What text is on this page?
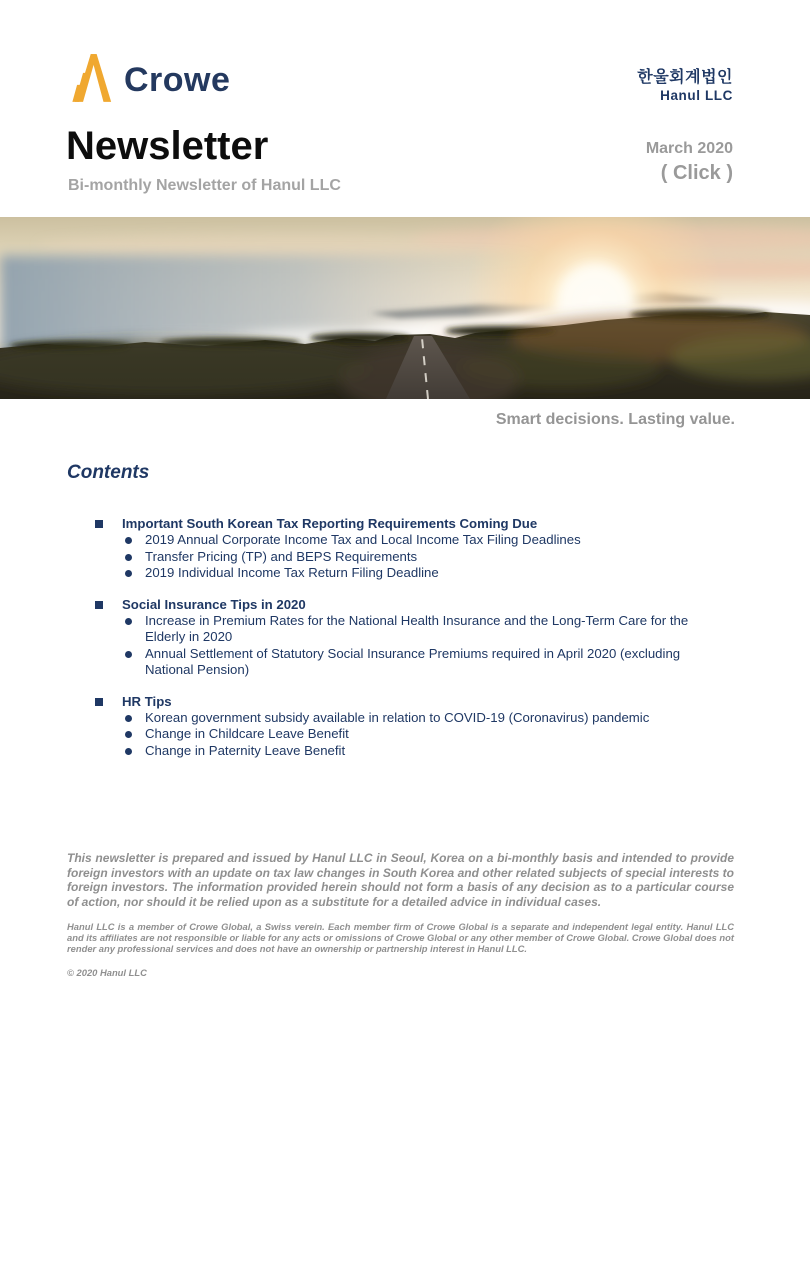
Crowe	한울회계법인
Hanul LLC
Newsletter
Bi-monthly Newsletter of Hanul LLC
March 2020
( Click )
Smart decisions. Lasting value.
Contents
Important South Korean Tax Reporting Requirements Coming Due
2019 Annual Corporate Income Tax and Local Income Tax Filing Deadlines
Transfer Pricing (TP) and BEPS Requirements
2019 Individual Income Tax Return Filing Deadline
Social Insurance Tips in 2020
Increase in Premium Rates for the National Health Insurance and the Long-Term Care for the Elderly in 2020
Annual Settlement of Statutory Social Insurance Premiums required in April 2020 (excluding National Pension)
HR Tips
Korean government subsidy available in relation to COVID-19 (Coronavirus) pandemic
Change in Childcare Leave Benefit
Change in Paternity Leave Benefit
This newsletter is prepared and issued by Hanul LLC in Seoul, Korea on a bi-monthly basis and intended to provide foreign investors with an update on tax law changes in South Korea and other related subjects of special interests to foreign investors. The information provided herein should not form a basis of any decision as to a particular course of action, nor should it be relied upon as a substitute for a detailed advice in individual cases.
Hanul LLC is a member of Crowe Global, a Swiss verein. Each member firm of Crowe Global is a separate and independent legal entity. Hanul LLC and its affiliates are not responsible or liable for any acts or omissions of Crowe Global or any other member of Crowe Global. Crowe Global does not render any professional services and does not have an ownership or partnership interest in Hanul LLC.
© 2020 Hanul LLC
